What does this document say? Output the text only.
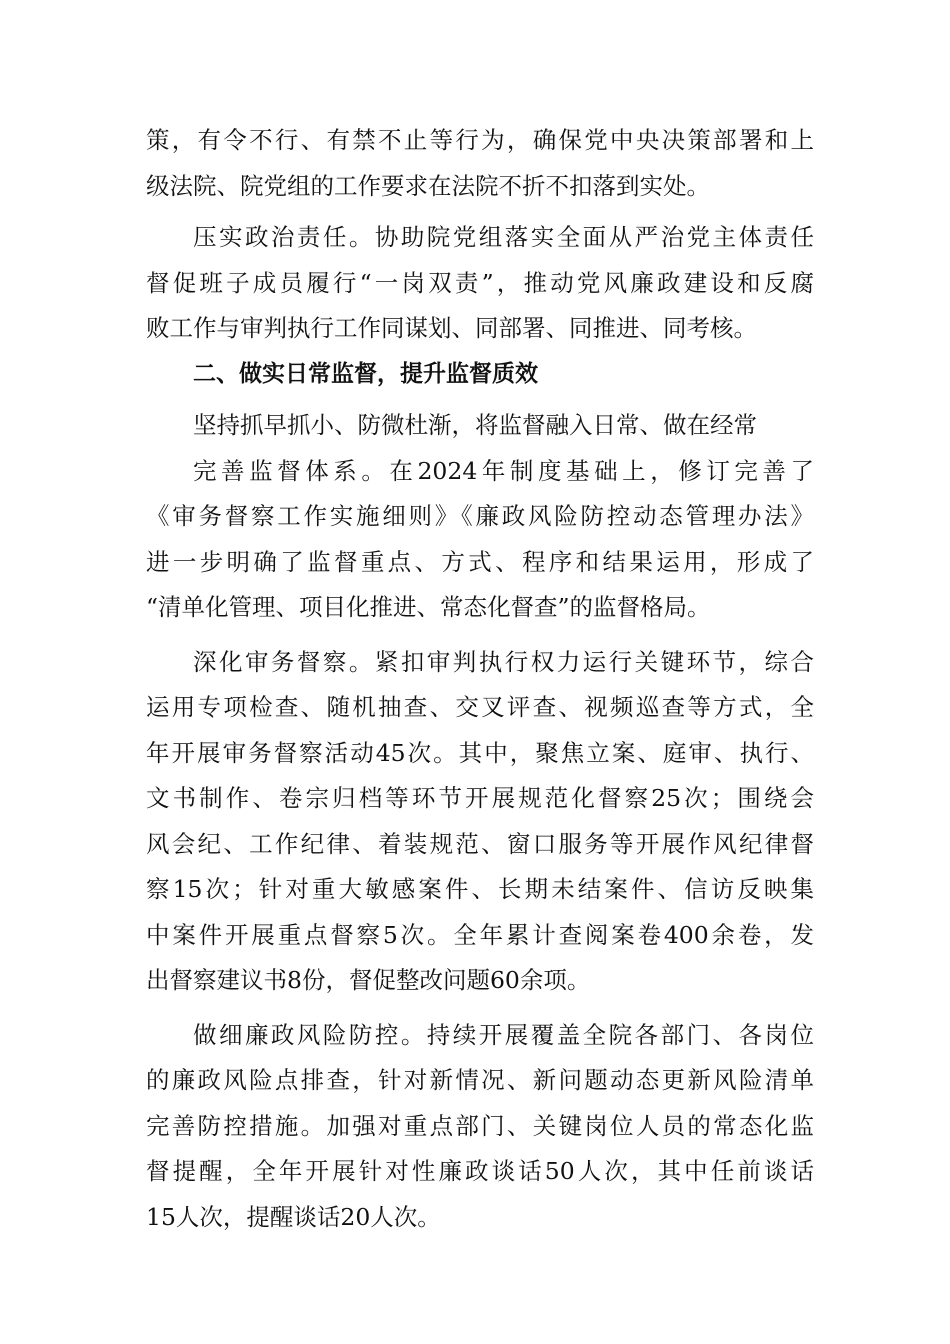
策，有令不行、有禁不止等行为，确保党中央决策部署和上
级法院、院党组的工作要求在法院不折不扣落到实处。
压实政治责任。协助院党组落实全面从严治党主体责任
督促班子成员履行“一岗双责”，推动党风廉政建设和反腐
败工作与审判执行工作同谋划、同部署、同推进、同考核。
二、做实日常监督，提升监督质效
坚持抓早抓小、防微杜渐，将监督融入日常、做在经常
完善监督体系。在2024年制度基础上，修订完善了
《审务督察工作实施细则》《廉政风险防控动态管理办法》
进一步明确了监督重点、方式、程序和结果运用，形成了
“清单化管理、项目化推进、常态化督查”的监督格局。
深化审务督察。紧扣审判执行权力运行关键环节，综合
运用专项检查、随机抽查、交叉评查、视频巡查等方式，全
年开展审务督察活动45次。其中，聚焦立案、庭审、执行、
文书制作、卷宗归档等环节开展规范化督察25次；围绕会
风会纪、工作纪律、着装规范、窗口服务等开展作风纪律督
察15次；针对重大敏感案件、长期未结案件、信访反映集
中案件开展重点督察5次。全年累计查阅案卷400余卷，发
出督察建议书8份，督促整改问题60余项。
做细廉政风险防控。持续开展覆盖全院各部门、各岗位
的廉政风险点排查，针对新情况、新问题动态更新风险清单
完善防控措施。加强对重点部门、关键岗位人员的常态化监
督提醒，全年开展针对性廉政谈话50人次，其中任前谈话
15人次，提醒谈话20人次。
